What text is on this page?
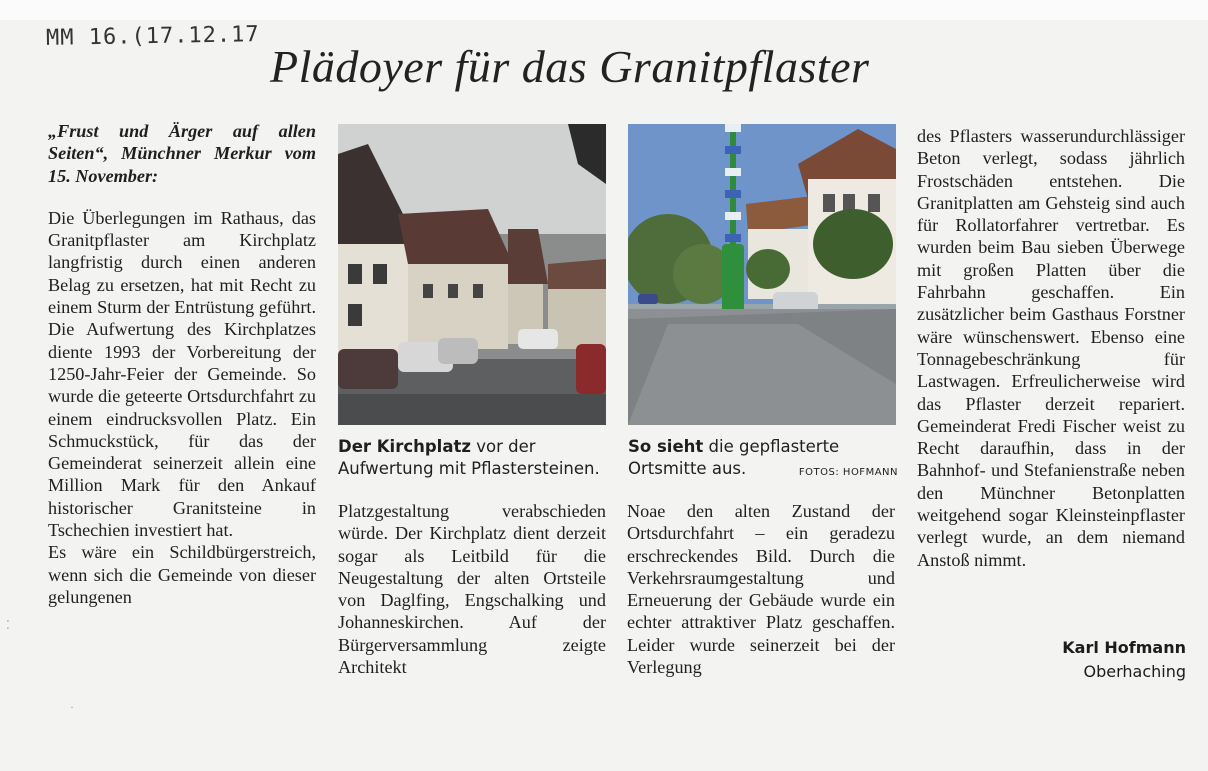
MM 16.(17.12.17
Plädoyer für das Granitpflaster

„Frust und Ärger auf allen Seiten“, Münchner Merkur vom 15. November:

Die Überlegungen im Rathaus, das Granitpflaster am Kirchplatz langfristig durch einen anderen Belag zu ersetzen, hat mit Recht zu einem Sturm der Entrüstung geführt. Die Aufwertung des Kirchplatzes diente 1993 der Vorbereitung der 1250-Jahr-Feier der Gemeinde. So wurde die geteerte Ortsdurchfahrt zu einem eindrucksvollen Platz. Ein Schmuckstück, für das der Gemeinderat seinerzeit allein eine Million Mark für den Ankauf historischer Granitsteine in Tschechien investiert hat.

Es wäre ein Schildbürgerstreich, wenn sich die Gemeinde von dieser gelungenen

Der Kirchplatz vor der Aufwertung mit Pflastersteinen.
So sieht die gepflasterte Ortsmitte aus.	FOTOS: HOFMANN

Platzgestaltung verabschieden würde. Der Kirchplatz dient derzeit sogar als Leitbild für die Neugestaltung der alten Ortsteile von Daglfing, Engschalking und Johanneskirchen. Auf der Bürgerversammlung zeigte Architekt

Noae den alten Zustand der Ortsdurchfahrt – ein geradezu erschreckendes Bild. Durch die Verkehrsraumgestaltung und Erneuerung der Gebäude wurde ein echter attraktiver Platz geschaffen. Leider wurde seinerzeit bei der Verlegung

des Pflasters wasserundurchlässiger Beton verlegt, sodass jährlich Frostschäden entstehen. Die Granitplatten am Gehsteig sind auch für Rollatorfahrer vertretbar. Es wurden beim Bau sieben Überwege mit großen Platten über die Fahrbahn geschaffen. Ein zusätzlicher beim Gasthaus Forstner wäre wünschenswert. Ebenso eine Tonnagebeschränkung für Lastwagen. Erfreulicherweise wird das Pflaster derzeit repariert. Gemeinderat Fredi Fischer weist zu Recht daraufhin, dass in der Bahnhof- und Stefanienstraße neben den Münchner Betonplatten weitgehend sogar Kleinsteinpflaster verlegt wurde, an dem niemand Anstoß nimmt.

Karl Hofmann
Oberhaching
⁚
·
